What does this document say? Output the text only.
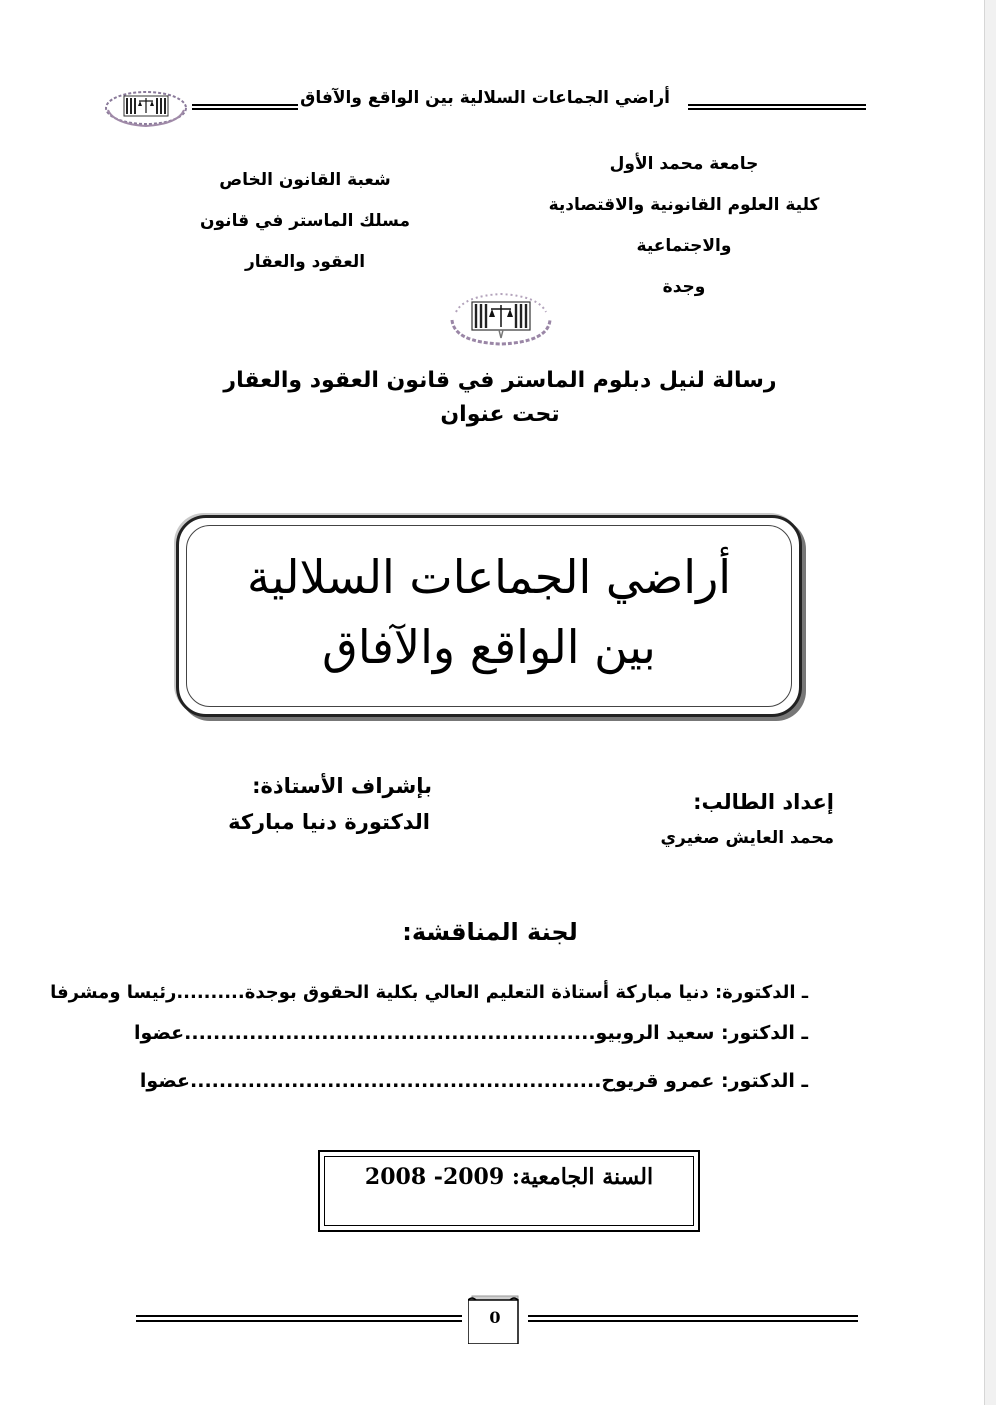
أراضي الجماعات السلالية بين الواقع والآفاق
جامعة محمد الأول
كلية العلوم القانونية والاقتصادية
والاجتماعية
وجدة
شعبة القانون الخاص
مسلك الماستر في قانون
العقود والعقار
رسالة لنيل دبلوم الماستر في قانون العقود والعقار
تحت عنوان
أراضي الجماعات السلالية
بين الواقع والآفاق
بإشراف الأستاذة:
الدكتورة دنيا مباركة
إعداد الطالب:
محمد العايش صغيري
لجنة المناقشة:
ـ الدكتورة: دنيا مباركة أستاذة التعليم العالي بكلية الحقوق بوجدة..........رئيسا ومشرفا
ـ الدكتور: سعيد الروبيو.........................................................عضوا
ـ الدكتور: عمرو قريوح.........................................................عضوا
السنة الجامعية: 2008 -2009
0
